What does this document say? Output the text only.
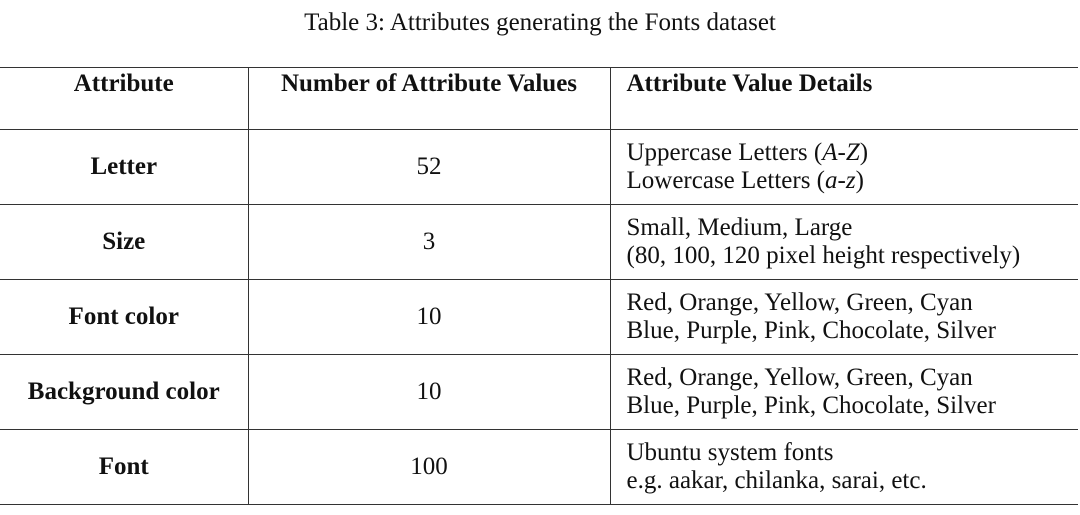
Table 3: Attributes generating the Fonts dataset
Attribute	Number of Attribute Values	Attribute Value Details
Letter	52	Uppercase Letters (A-Z)
Lowercase Letters (a-z)

Size	3	Small, Medium, Large
(80, 100, 120 pixel height respectively)

Font color	10	Red, Orange, Yellow, Green, Cyan
Blue, Purple, Pink, Chocolate, Silver

Background color	10	Red, Orange, Yellow, Green, Cyan
Blue, Purple, Pink, Chocolate, Silver

Font	100	Ubuntu system fonts
e.g. aakar, chilanka, sarai, etc.
